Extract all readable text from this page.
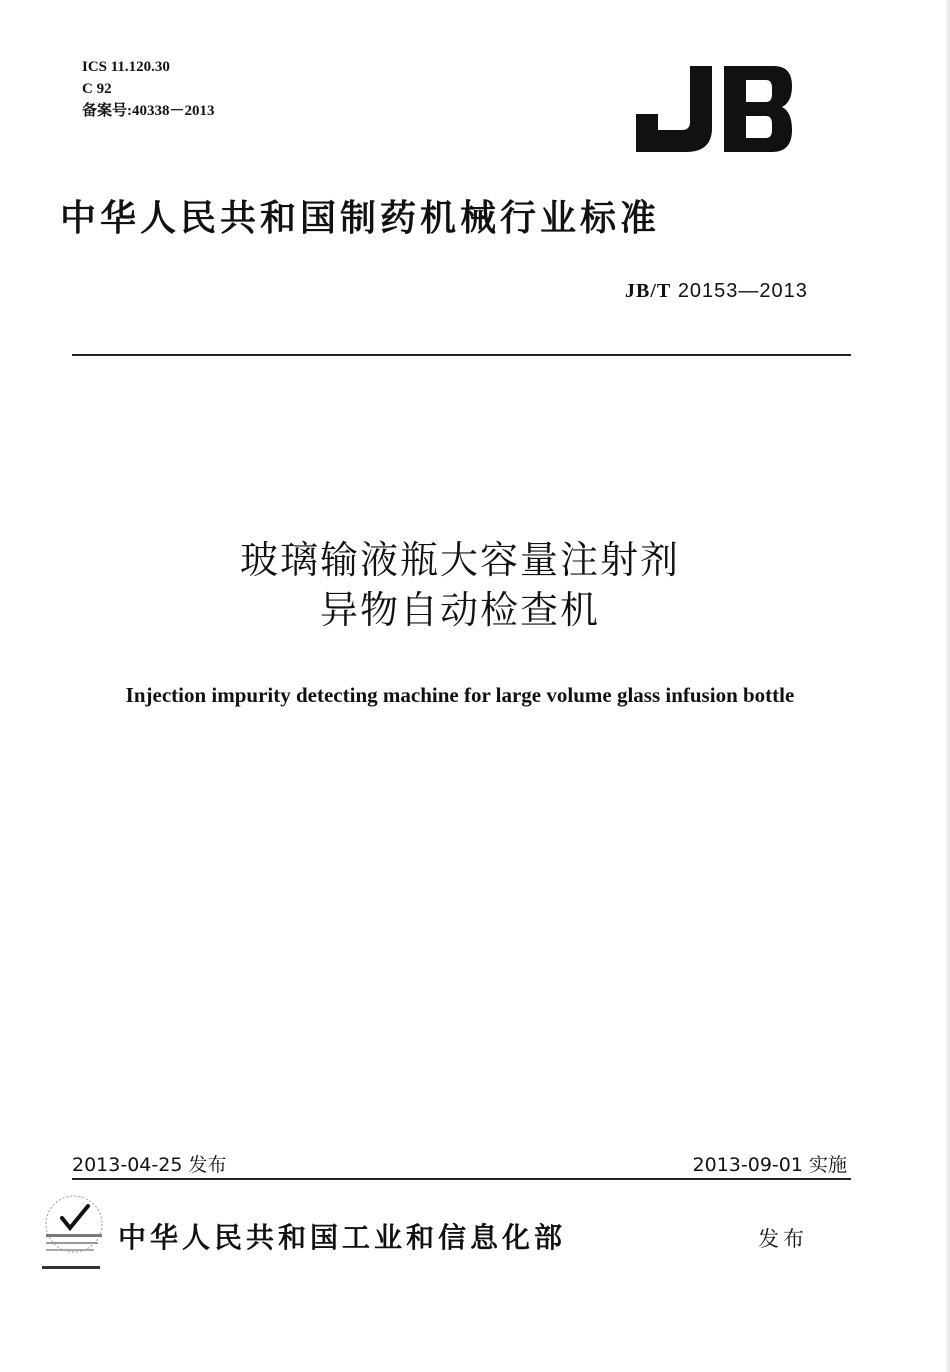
ICS 11.120.30
C 92
备案号:40338－2013
中华人民共和国制药机械行业标准
JB/T 20153—2013
玻璃输液瓶大容量注射剂
异物自动检查机
Injection impurity detecting machine for large volume glass infusion bottle
2013-04-25 发布	2013-09-01 实施
中华人民共和国工业和信息化部	发布
